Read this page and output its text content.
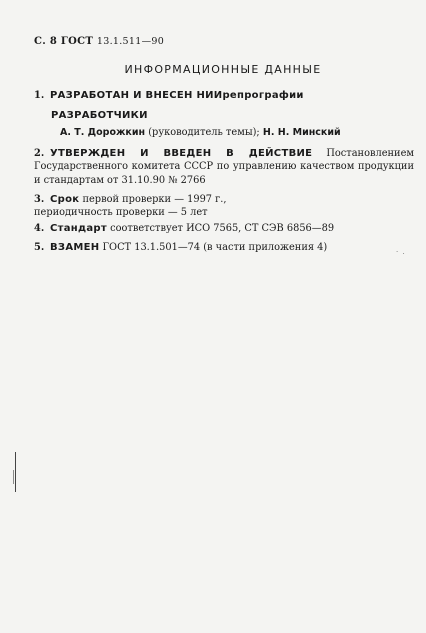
С. 8 ГОСТ 13.1.511—90
ИНФОРМАЦИОННЫЕ ДАННЫЕ
1. РАЗРАБОТАН И ВНЕСЕН НИИрепрографии
РАЗРАБОТЧИКИ
А. Т. Дорожкин (руководитель темы); Н. Н. Минский
2. УТВЕРЖДЕН И ВВЕДЕН В ДЕЙСТВИЕ Постановлением Государственного комитета СССР по управлению качеством продукции и стандартам от 31.10.90 № 2766
3. Срок первой проверки — 1997 г., периодичность проверки — 5 лет
4. Стандарт соответствует ИСО 7565, СТ СЭВ 6856—89
5. ВЗАМЕН ГОСТ 13.1.501—74 (в части приложения 4)	· .
